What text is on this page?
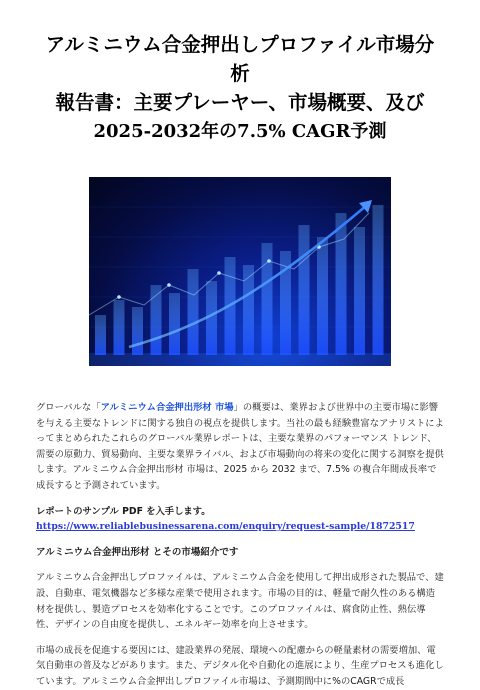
アルミニウム合金押出しプロファイル市場分析
報告書：主要プレーヤー、市場概要、及び
2025-2032年の7.5% CAGR予測

グローバルな「アルミニウム合金押出形材 市場」の概要は、業界および世界中の主要市場に影響を与える主要なトレンドに関する独自の視点を提供します。当社の最も経験豊富なアナリストによってまとめられたこれらのグローバル業界レポートは、主要な業界のパフォーマンス トレンド、需要の原動力、貿易動向、主要な業界ライバル、および市場動向の将来の変化に関する洞察を提供します。アルミニウム合金押出形材 市場は、2025 から 2032 まで、7.5% の複合年間成長率で成長すると予測されています。

レポートのサンプル PDF を入手します。 https://www.reliablebusinessarena.com/enquiry/request-sample/1872517

アルミニウム合金押出形材 とその市場紹介です

アルミニウム合金押出しプロファイルは、アルミニウム合金を使用して押出成形された製品で、建設、自動車、電気機器など多様な産業で使用されます。市場の目的は、軽量で耐久性のある構造材を提供し、製造プロセスを効率化することです。このプロファイルは、腐食防止性、熱伝導性、デザインの自由度を提供し、エネルギー効率を向上させます。

市場の成長を促進する要因には、建設業界の発展、環境への配慮からの軽量素材の需要増加、電気自動車の普及などがあります。また、デジタル化や自動化の進展により、生産プロセスも進化しています。アルミニウム合金押出しプロファイル市場は、予測期間中に%のCAGRで成長
